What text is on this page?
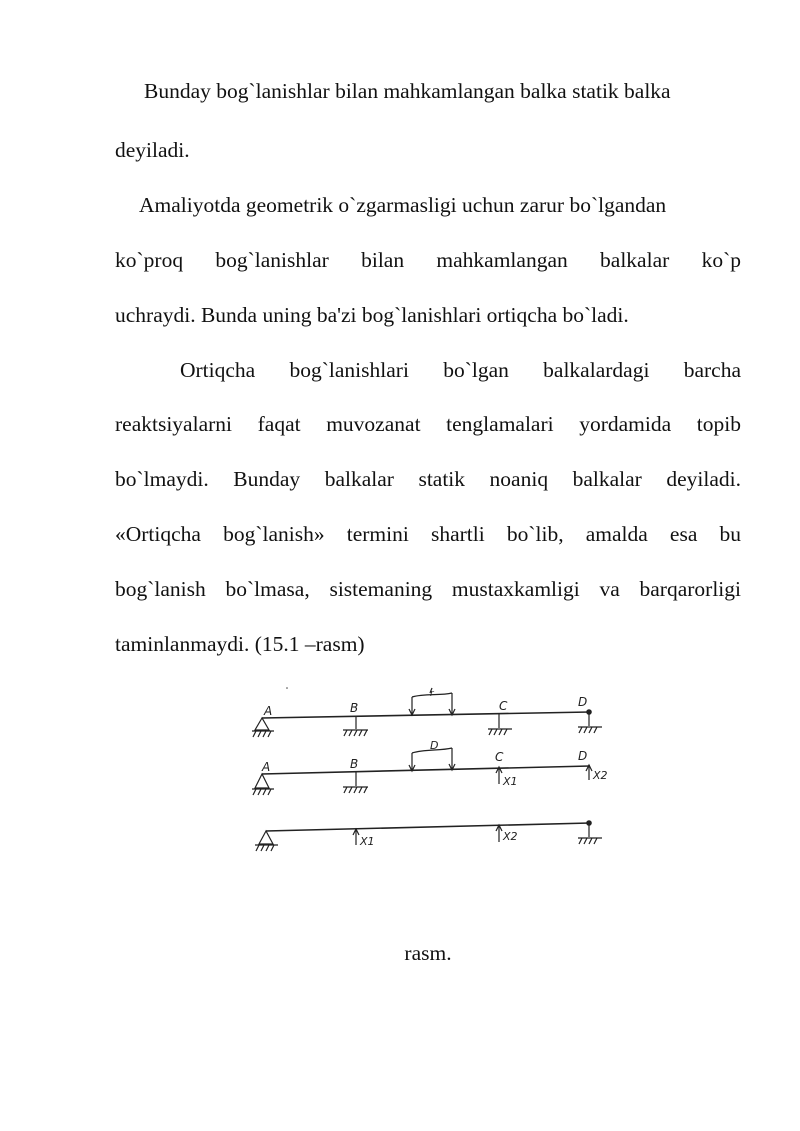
Bunday bog`lanishlar bilan mahkamlangan balka statik balka
deyiladi.
Amaliyotda geometrik o`zgarmasligi uchun zarur bo`lgandan
ko`proq bog`lanishlar bilan mahkamlangan balkalar ko`p
uchraydi. Bunda uning ba'zi bog`lanishlari ortiqcha bo`ladi.
Ortiqcha bog`lanishlari bo`lgan balkalardagi barcha
reaktsiyalarni faqat muvozanat tenglamalari yordamida topib
bo`lmaydi. Bunday balkalar statik noaniq balkalar deyiladi.
«Ortiqcha bog`lanish» termini shartli bo`lib, amalda esa bu
bog`lanish bo`lmasa, sistemaning mustaxkamligi va barqarorligi
taminlanmaydi. (15.1 –rasm)
A	B	C	D
r
A	B	C	D
D
X1	X2
X1	X2
rasm.
